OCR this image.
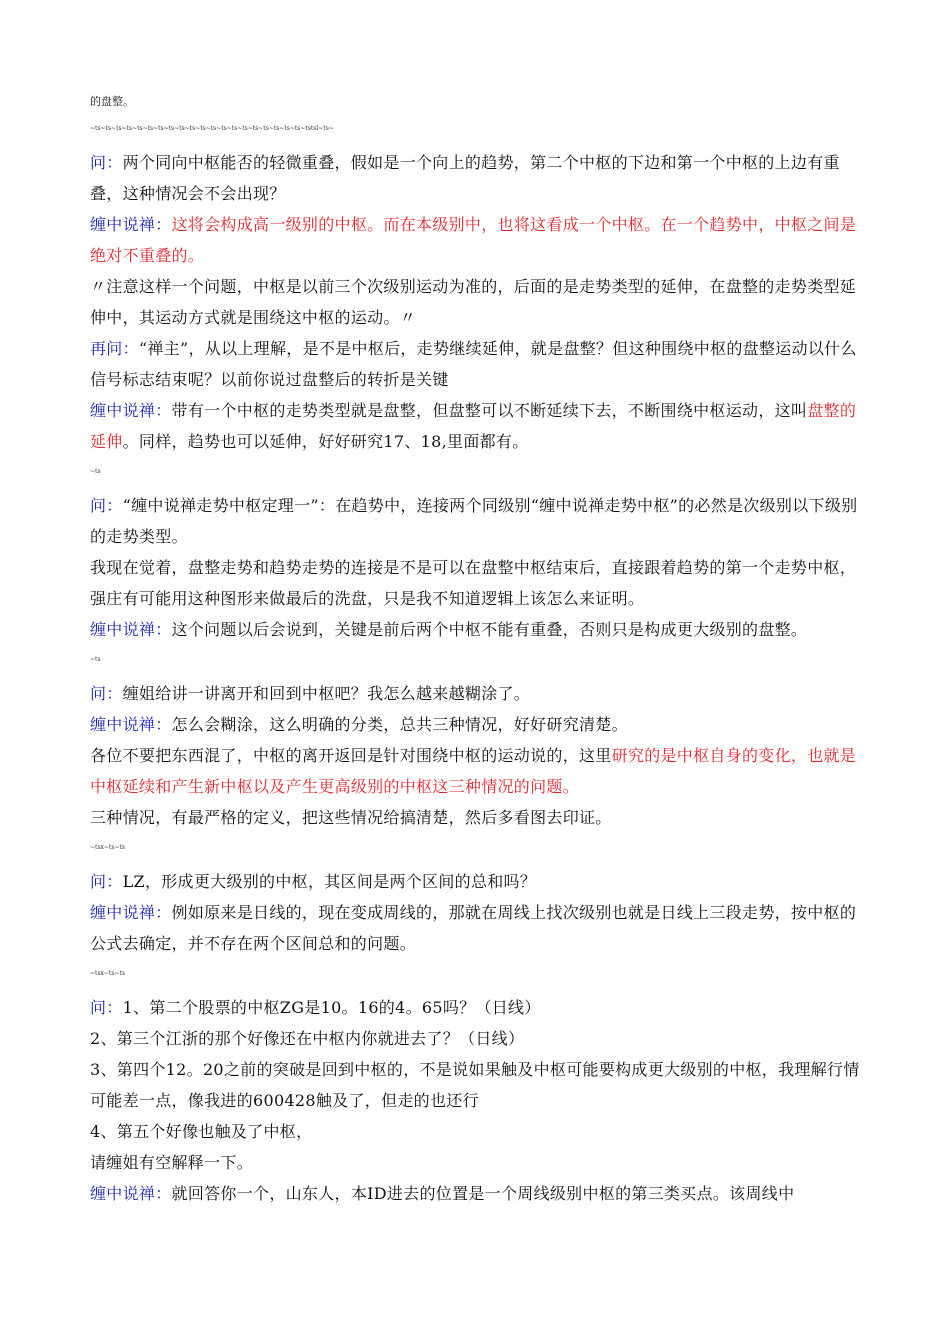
的盘整。

~ts~ts~ts~ts~ts~ts~ts~ts~ts~ts~ts~ts~ts~ts~ts~ts~ts~ts~ts~ts~tstsl~ts~

问：两个同向中枢能否的轻微重叠，假如是一个向上的趋势，第二个中枢的下边和第一个中枢的上边有重叠，这种情况会不会出现？

缠中说禅：这将会构成高一级别的中枢。而在本级别中，也将这看成一个中枢。在一个趋势中，中枢之间是绝对不重叠的。

〃注意这样一个问题，中枢是以前三个次级别运动为准的，后面的是走势类型的延伸，在盘整的走势类型延伸中，其运动方式就是围绕这中枢的运动。〃

再问：“禅主”，从以上理解，是不是中枢后，走势继续延伸，就是盘整？但这种围绕中枢的盘整运动以什么信号标志结束呢？以前你说过盘整后的转折是关键

缠中说禅：带有一个中枢的走势类型就是盘整，但盘整可以不断延续下去，不断围绕中枢运动，这叫盘整的延伸。同样，趋势也可以延伸，好好研究17、18,里面都有。

~ts

问：“缠中说禅走势中枢定理一”：在趋势中，连接两个同级别“缠中说禅走势中枢”的必然是次级别以下级别的走势类型。

我现在觉着，盘整走势和趋势走势的连接是不是可以在盘整中枢结束后，直接跟着趋势的第一个走势中枢，强庄有可能用这种图形来做最后的洗盘，只是我不知道逻辑上该怎么来证明。

缠中说禅：这个问题以后会说到，关键是前后两个中枢不能有重叠，否则只是构成更大级别的盘整。

~ts

问：缠姐给讲一讲离开和回到中枢吧？我怎么越来越糊涂了。

缠中说禅：怎么会糊涂，这么明确的分类，总共三种情况，好好研究清楚。

各位不要把东西混了，中枢的离开返回是针对围绕中枢的运动说的，这里研究的是中枢自身的变化，也就是中枢延续和产生新中枢以及产生更高级别的中枢这三种情况的问题。

三种情况，有最严格的定义，把这些情况给搞清楚，然后多看图去印证。

~tsx~ts~ts

问：LZ，形成更大级别的中枢，其区间是两个区间的总和吗？

缠中说禅：例如原来是日线的，现在变成周线的，那就在周线上找次级别也就是日线上三段走势，按中枢的公式去确定，并不存在两个区间总和的问题。

~tsx~ts~ts

问：1、第二个股票的中枢ZG是10。16的4。65吗？（日线）

2、第三个江浙的那个好像还在中枢内你就进去了？（日线）

3、第四个12。20之前的突破是回到中枢的，不是说如果触及中枢可能要构成更大级别的中枢，我理解行情可能差一点，像我进的600428触及了，但走的也还行

4、第五个好像也触及了中枢，

请缠姐有空解释一下。

缠中说禅：就回答你一个，山东人，本ID进去的位置是一个周线级别中枢的第三类买点。该周线中
